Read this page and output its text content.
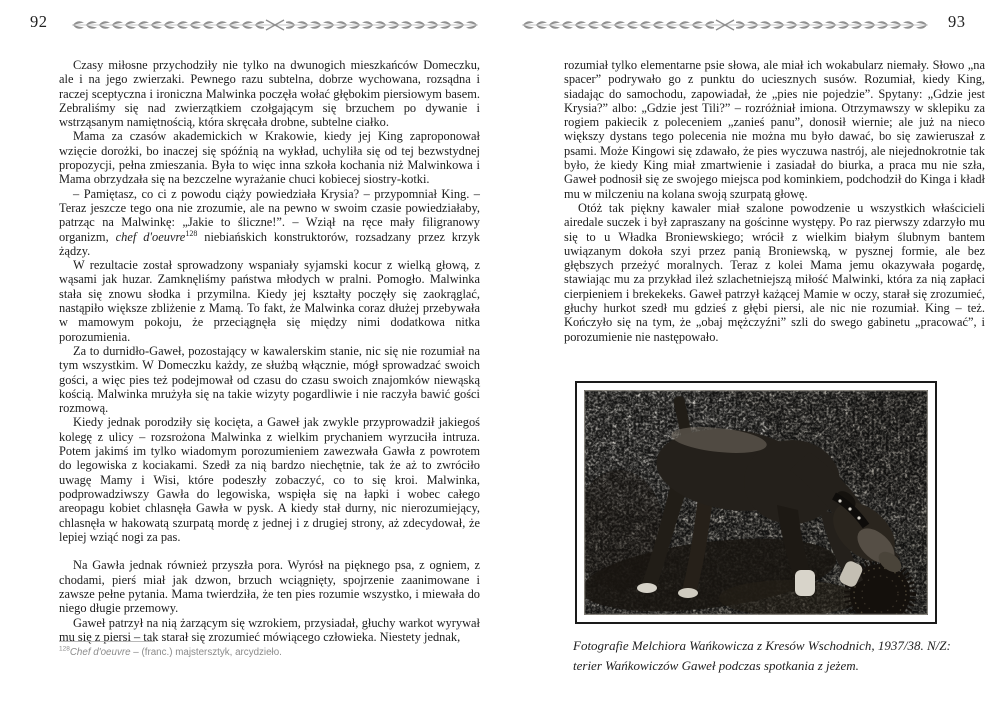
92	93

Czasy miłosne przychodziły nie tylko na dwunogich mieszkańców Domeczku, ale i na jego zwierzaki. Pewnego razu subtelna, dobrze wychowana, rozsądna i raczej sceptyczna i ironiczna Malwinka poczęła wołać głębokim piersiowym basem. Zebraliśmy się nad zwierzątkiem czołgającym się brzuchem po dywanie i wstrząsanym namiętnością, która skręcała drobne, subtelne ciałko.

Mama za czasów akademickich w Krakowie, kiedy jej King zaproponował wzięcie dorożki, bo inaczej się spóźnią na wykład, uchyliła się od tej bezwstydnej propozycji, pełna zmieszania. Była to więc inna szkoła kochania niż Malwinkowa i Mama obrzydzała się na bezczelne wyrażanie chuci kobiecej siostry-kotki.

– Pamiętasz, co ci z powodu ciąży powiedziała Krysia? – przypomniał King. – Teraz jeszcze tego ona nie zrozumie, ale na pewno w swoim czasie powiedziałaby, patrząc na Malwinkę: „Jakie to śliczne!”. – Wziął na ręce mały filigranowy organizm, chef d'oeuvre$^{128}$ niebiańskich konstruktorów, rozsadzany przez krzyk żądzy.

W rezultacie został sprowadzony wspaniały syjamski kocur z wielką głową, z wąsami jak huzar. Zamknęliśmy państwa młodych w pralni. Pomogło. Malwinka stała się znowu słodka i przymilna. Kiedy jej kształty poczęły się zaokrąglać, nastąpiło większe zbliżenie z Mamą. To fakt, że Malwinka coraz dłużej przebywała w mamowym pokoju, że przeciągnęła się między nimi dodatkowa nitka porozumienia.

Za to durnidło-Gaweł, pozostający w kawalerskim stanie, nic się nie rozumiał na tym wszystkim. W Domeczku każdy, ze służbą włącznie, mógł sprowadzać swoich gości, a więc pies też podejmował od czasu do czasu swoich znajomków niewąską kością. Malwinka mrużyła się na takie wizyty pogardliwie i nie raczyła bawić gości rozmową.

Kiedy jednak porodziły się kocięta, a Gaweł jak zwykle przyprowadził jakiegoś kolegę z ulicy – rozsrożona Malwinka z wielkim prychaniem wyrzuciła intruza. Potem jakimś im tylko wiadomym porozumieniem zawezwała Gawła z powrotem do legowiska z kociakami. Szedł za nią bardzo niechętnie, tak że aż to zwróciło uwagę Mamy i Wisi, które podeszły zobaczyć, co to się kroi. Malwinka, podprowadziwszy Gawła do legowiska, wspięła się na łapki i wobec całego areopagu kobiet chlasnęła Gawła w pysk. A kiedy stał durny, nic nierozumiejący, chlasnęła w hakowatą szurpatą mordę z jednej i z drugiej strony, aż zdecydował, że lepiej wziąć nogi za pas.

Na Gawła jednak również przyszła pora. Wyrósł na pięknego psa, z ogniem, z chodami, pierś miał jak dzwon, brzuch wciągnięty, spojrzenie zaanimowane i zawsze pełne pytania. Mama twierdziła, że ten pies rozumie wszystko, i miewała do niego długie przemowy.

Gaweł patrzył na nią żarzącym się wzrokiem, przysiadał, głuchy warkot wyrywał mu się z piersi – tak starał się zrozumieć mówiącego człowieka. Niestety jednak,

$^{128}$Chef d'oeuvre – (franc.) majstersztyk, arcydzieło.

rozumiał tylko elementarne psie słowa, ale miał ich wokabularz niemały. Słowo „na spacer” podrywało go z punktu do uciesznych susów. Rozumiał, kiedy King, siadając do samochodu, zapowiadał, że „pies nie pojedzie”. Spytany: „Gdzie jest Krysia?” albo: „Gdzie jest Tili?” – rozróżniał imiona. Otrzymawszy w sklepiku za rogiem pakiecik z poleceniem „zanieś panu”, donosił wiernie; ale już na nieco większy dystans tego polecenia nie można mu było dawać, bo się zawieruszał z psami. Może Kingowi się zdawało, że pies wyczuwa nastrój, ale niejednokrotnie tak było, że kiedy King miał zmartwienie i zasiadał do biurka, a praca mu nie szła, Gaweł podnosił się ze swojego miejsca pod kominkiem, podchodził do Kinga i kładł mu w milczeniu na kolana swoją szurpatą głowę.

Otóż tak piękny kawaler miał szalone powodzenie u wszystkich właścicieli airedale suczek i był zapraszany na gościnne występy. Po raz pierwszy zdarzyło mu się to u Władka Broniewskiego; wrócił z wielkim białym ślubnym bantem uwiązanym dokoła szyi przez panią Broniewską, w pysznej formie, ale bez głębszych przeżyć moralnych. Teraz z kolei Mama jemu okazywała pogardę, stawiając mu za przykład ileż szlachetniejszą miłość Malwinki, która za nią zapłaci cierpieniem i brekekeks. Gaweł patrzył każącej Mamie w oczy, starał się zrozumieć, głuchy hurkot szedł mu gdzieś z głębi piersi, ale nic nie rozumiał. King – też. Kończyło się na tym, że „obaj mężczyźni” szli do swego gabinetu „pracować”, i porozumienie nie następowało.

Fotografie Melchiora Wańkowicza z Kresów Wschodnich, 1937/38. N/Z: terier Wańkowiczów Gaweł podczas spotkania z jeżem.
